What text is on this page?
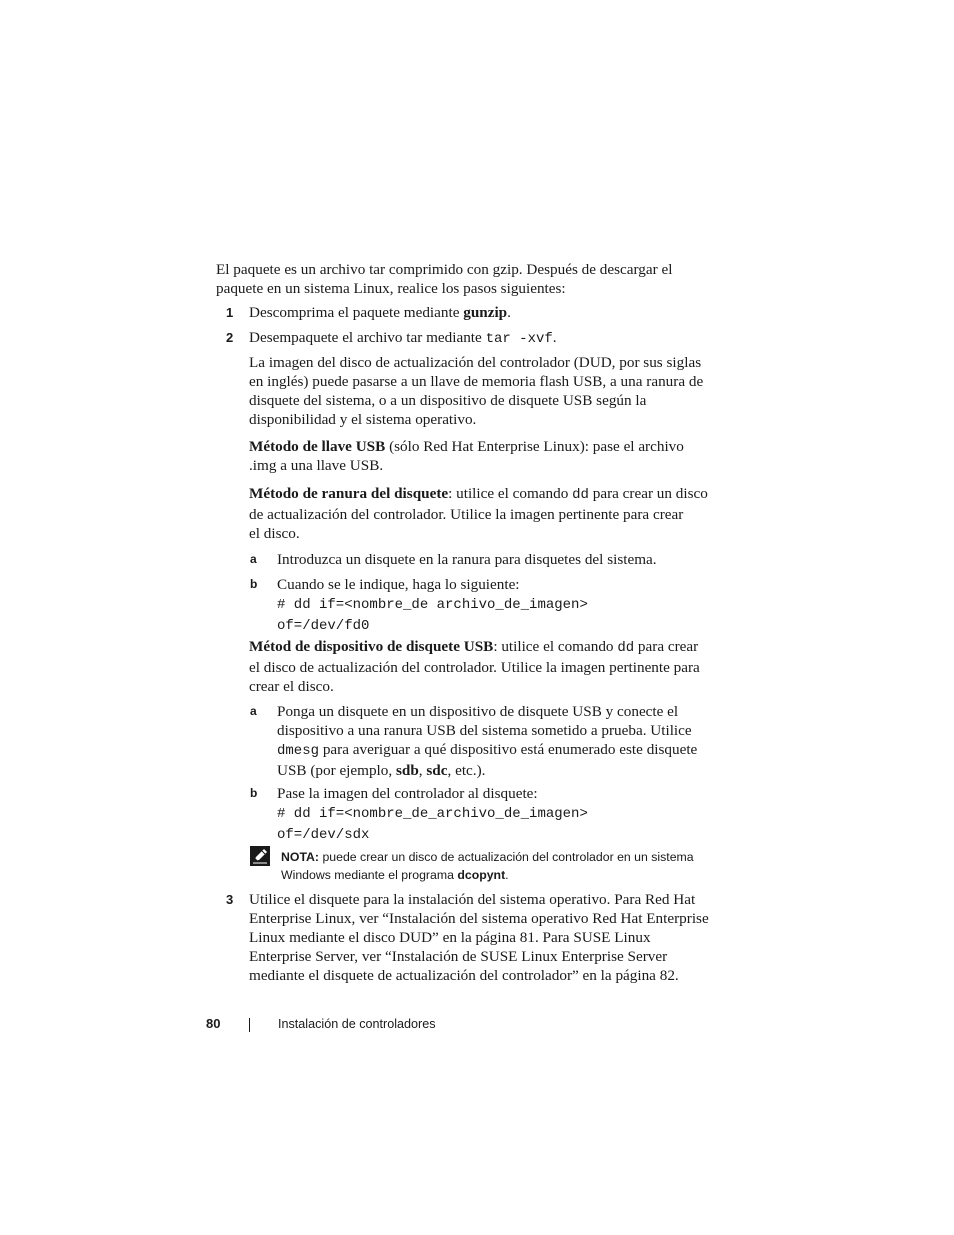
El paquete es un archivo tar comprimido con gzip. Después de descargar el
paquete en un sistema Linux, realice los pasos siguientes:

1 Descomprima el paquete mediante gunzip.

2 Desempaquete el archivo tar mediante tar -xvf.

La imagen del disco de actualización del controlador (DUD, por sus siglas
en inglés) puede pasarse a un llave de memoria flash USB, a una ranura de
disquete del sistema, o a un dispositivo de disquete USB según la
disponibilidad y el sistema operativo.

Método de llave USB (sólo Red Hat Enterprise Linux): pase el archivo
.img a una llave USB.

Método de ranura del disquete: utilice el comando dd para crear un disco
de actualización del controlador. Utilice la imagen pertinente para crear
el disco.

a Introduzca un disquete en la ranura para disquetes del sistema.

b Cuando se le indique, haga lo siguiente:
# dd if=<nombre_de archivo_de_imagen>
of=/dev/fd0

Métod de dispositivo de disquete USB: utilice el comando dd para crear
el disco de actualización del controlador. Utilice la imagen pertinente para
crear el disco.

a Ponga un disquete en un dispositivo de disquete USB y conecte el
dispositivo a una ranura USB del sistema sometido a prueba. Utilice
dmesg para averiguar a qué dispositivo está enumerado este disquete
USB (por ejemplo, sdb, sdc, etc.).

b Pase la imagen del controlador al disquete:
# dd if=<nombre_de_archivo_de_imagen>
of=/dev/sdx

NOTA: puede crear un disco de actualización del controlador en un sistema
Windows mediante el programa dcopynt.
3 Utilice el disquete para la instalación del sistema operativo. Para Red Hat
Enterprise Linux, ver “Instalación del sistema operativo Red Hat Enterprise
Linux mediante el disco DUD” en la página 81. Para SUSE Linux
Enterprise Server, ver “Instalación de SUSE Linux Enterprise Server
mediante el disquete de actualización del controlador” en la página 82.

80	Instalación de controladores
